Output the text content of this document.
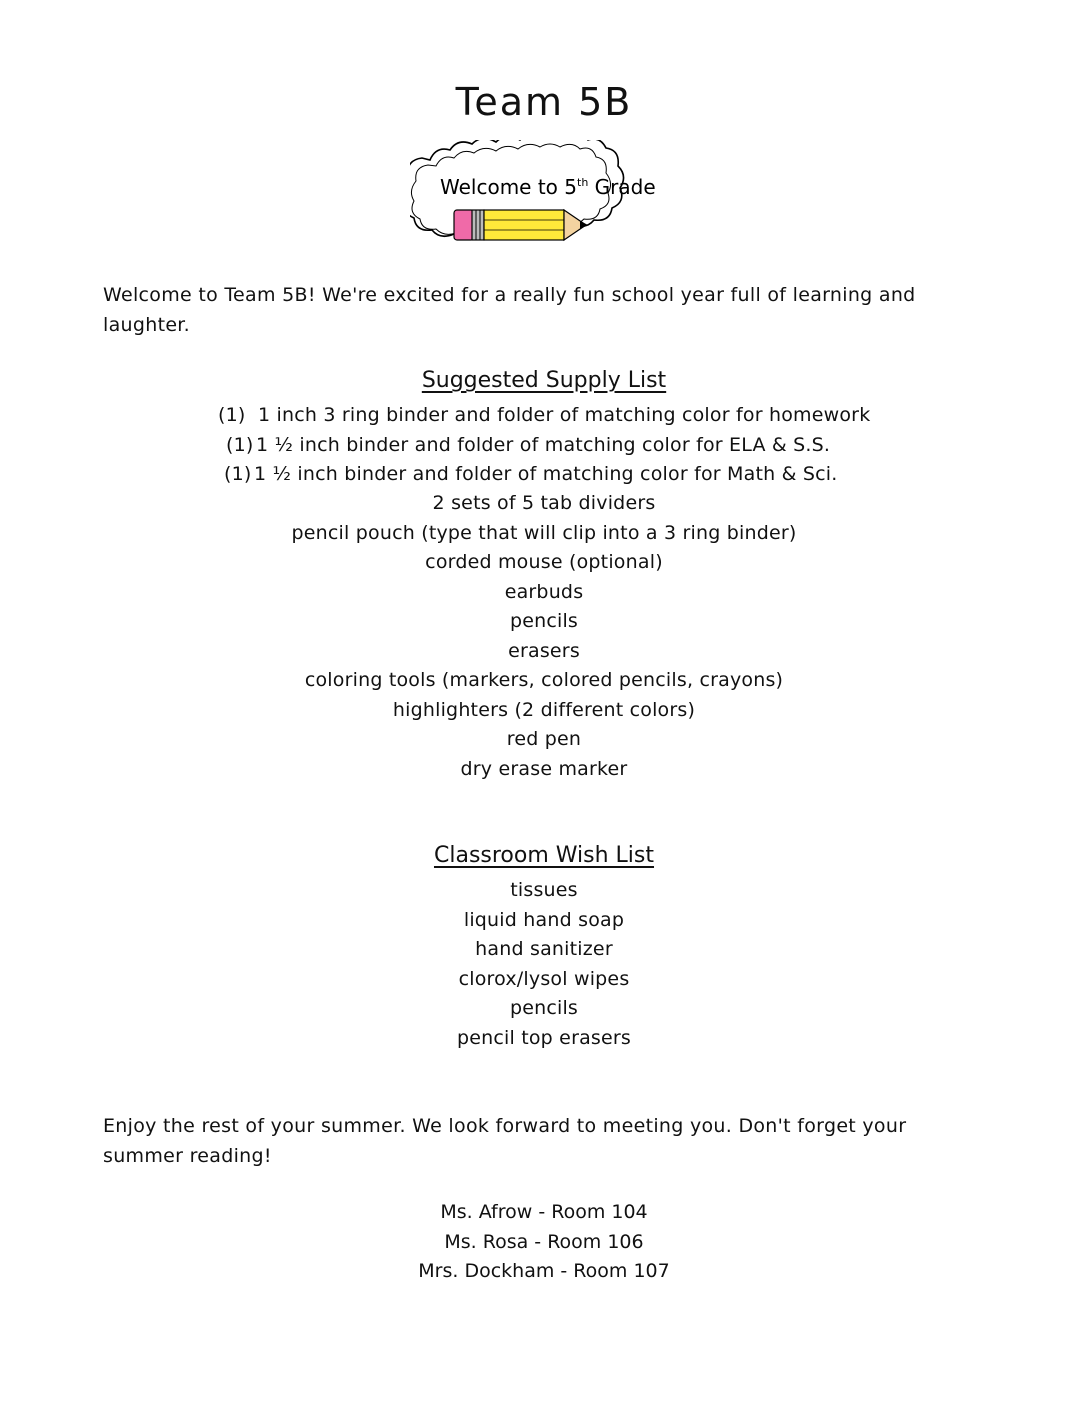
Team 5B
Welcome to 5th Grade
Welcome to Team 5B! We're excited for a really fun school year full of learning and laughter.
Suggested Supply List
(1) 1 inch 3 ring binder and folder of matching color for homework
(1) 1 ½ inch binder and folder of matching color for ELA & S.S.
(1) 1 ½ inch binder and folder of matching color for Math & Sci.
2 sets of 5 tab dividers
pencil pouch (type that will clip into a 3 ring binder)
corded mouse (optional)
earbuds
pencils
erasers
coloring tools (markers, colored pencils, crayons)
highlighters (2 different colors)
red pen
dry erase marker
Classroom Wish List
tissues
liquid hand soap
hand sanitizer
clorox/lysol wipes
pencils
pencil top erasers
Enjoy the rest of your summer. We look forward to meeting you. Don't forget your summer reading!
Ms. Afrow - Room 104
Ms. Rosa - Room 106
Mrs. Dockham - Room 107
